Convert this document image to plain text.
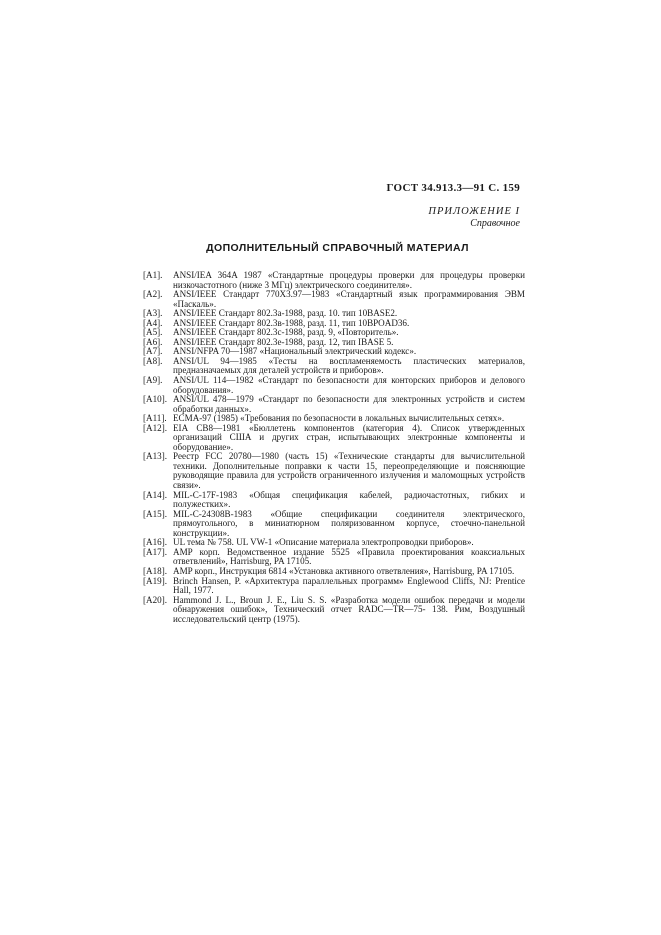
ГОСТ 34.913.3—91 С. 159
ПРИЛОЖЕНИЕ I
Справочное
ДОПОЛНИТЕЛЬНЫЙ СПРАВОЧНЫЙ МАТЕРИАЛ
[A1]. ANSI/IEA 364A 1987 «Стандартные процедуры проверки для процедуры проверки низкочастотного (ниже 3 МГц) электрического соединителя».
[A2]. ANSI/IEEE Стандарт 770X3.97—1983 «Стандартный язык программирования ЭВМ «Паскаль».
[A3]. ANSI/IEEE Стандарт 802.3a-1988, разд. 10. тип 10BASE2.
[A4]. ANSI/IEEE Стандарт 802.3в-1988, разд. 11, тип 10BPOAD36.
[A5]. ANSI/IEEE Стандарт 802.3с-1988, разд. 9, «Повторитель».
[A6]. ANSI/IEEE Стандарт 802.3е-1988, разд. 12, тип IBASE 5.
[A7]. ANSI/NFPA 70—1987 «Национальный электрический кодекс».
[A8]. ANSI/UL 94—1985 «Тесты на воспламеняемость пластических материалов, предназначаемых для деталей устройств и приборов».
[A9]. ANSI/UL 114—1982 «Стандарт по безопасности для конторских приборов и делового оборудования».
[A10]. ANSI/UL 478—1979 «Стандарт по безопасности для электронных устройств и систем обработки данных».
[A11]. ECMA-97 (1985) «Требования по безопасности в локальных вычислительных сетях».
[A12]. EIA CB8—1981 «Бюллетень компонентов (категория 4). Список утвержденных организаций США и других стран, испытывающих электронные компоненты и оборудование».
[A13]. Реестр FCC 20780—1980 (часть 15) «Технические стандарты для вычислительной техники. Дополнительные поправки к части 15, переопределяющие и поясняющие руководящие правила для устройств ограниченного излучения и маломощных устройств связи».
[A14]. MIL-C-17F-1983 «Общая спецификация кабелей, радиочастотных, гибких и полужестких».
[A15]. MIL-C-24308B-1983 «Общие спецификации соединителя электрического, прямоугольного, в миниатюрном поляризованном корпусе, стоечно-панельной конструкции».
[A16]. UL тема № 758. UL VW-1 «Описание материала электропроводки приборов».
[A17]. AMP корп. Ведомственное издание 5525 «Правила проектирования коаксиальных ответвлений», Harrisburg, PA 17105.
[A18]. AMP корп., Инструкция 6814 «Установка активного ответвления», Harrisburg, PA 17105.
[A19]. Brinch Hansen, P. «Архитектура параллельных программ» Englewood Cliffs, NJ: Prentice Hall, 1977.
[A20]. Hammond J. L., Broun J. E., Liu S. S. «Разработка модели ошибок передачи и модели обнаружения ошибок», Технический отчет RADC—TR—75- 138. Рим, Воздушный исследовательский центр (1975).
